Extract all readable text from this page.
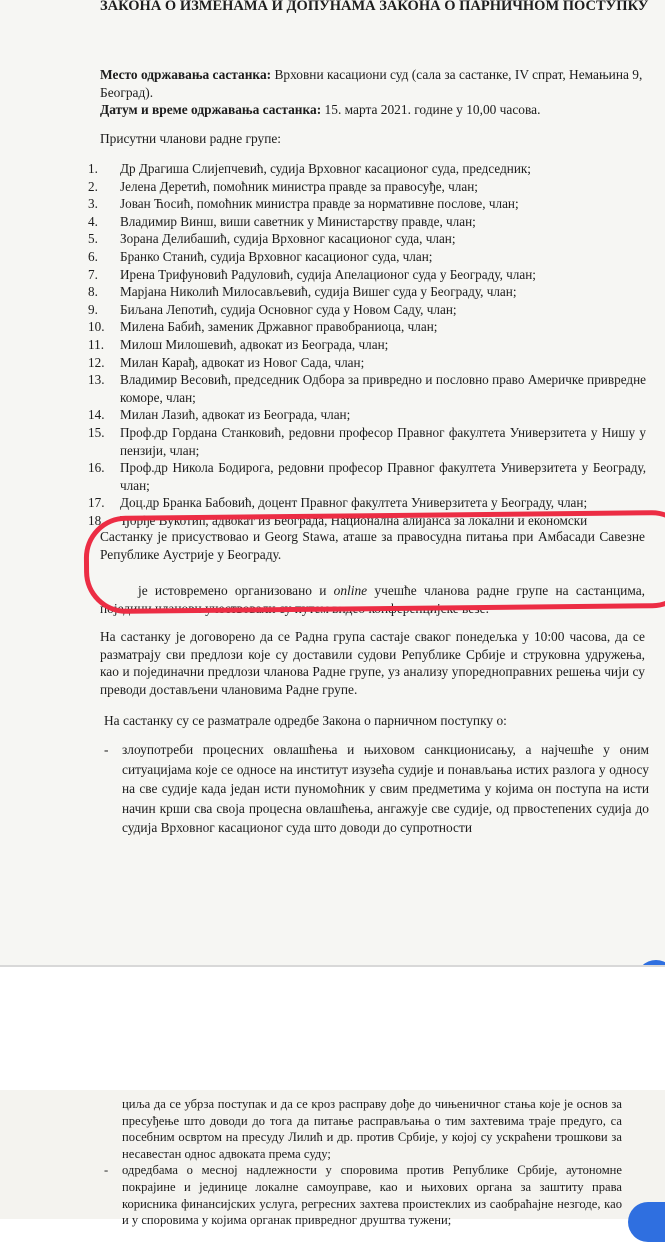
ЗАКОНА О ИЗМЕНАМА И ДОПУНАМА ЗАКОНА О ПАРНИЧНОМ ПОСТУПКУ
Место одржавања састанка: Врховни касациони суд (сала за састанке, IV спрат, Немањина 9, Београд).
Датум и време одржавања састанка: 15. марта 2021. године у 10,00 часова.
Присутни чланови радне групе:
1.	Др Драгиша Слијепчевић, судија Врховног касационог суда, председник;
2.	Јелена Деретић, помоћник министра правде за правосуђе, члан;
3.	Јован Ћосић, помоћник министра правде за нормативне послове, члан;
4.	Владимир Винш, виши саветник у Министарству правде, члан;
5.	Зорана Делибашић, судија Врховног касационог суда, члан;
6.	Бранко Станић, судија Врховног касационог суда, члан;
7.	Ирена Трифуновић Радуловић, судија Апелационог суда у Београду, члан;
8.	Марјана Николић Милосављевић, судија Вишег суда у Београду, члан;
9.	Биљана Лепотић, судија Основног суда у Новом Саду, члан;
10.	Милена Бабић, заменик Државног правобраниоца, члан;
11.	Милош Милошевић, адвокат из Београда, члан;
12.	Милан Карађ, адвокат из Новог Сада, члан;
13.	Владимир Весовић, председник Одбора за привредно и пословно право Америчке привредне коморе, члан;
14.	Милан Лазић, адвокат из Београда, члан;
15.	Проф.др Гордана Станковић, редовни професор Правног факултета Универзитета у Нишу у пензији, члан;
16.	Проф.др Никола Бодирога, редовни професор Правног факултета Универзитета у Београду, члан;
17.	Доц.др Бранка Бабовић, доцент Правног факултета Универзитета у Београду, члан;
18.	Ђорђе Вукотић, адвокат из Београда, Национална алијанса за локални и економски
Састанку је присуствовао и Georg Stawa, аташе за правосудна питања при Амбасади Савезне Републике Аустрије у Београду.
је истовремено организовано и online учешће чланова радне групе на састанцима, поједини чланови учествовали су путем видео конференцијске везе.
На састанку је договорено да се Радна група састаје сваког понедељка у 10:00 часова, да се разматрају сви предлози које су доставили судови Републике Србије и струковна удружења, као и појединачни предлози чланова Радне групе, уз анализу упоредноправних решења чији су преводи достављени члановима Радне групе.
На састанку су се разматрале одредбе Закона о парничном поступку о:
- злоупотреби процесних овлашћења и њиховом санкционисању, а најчешће у оним ситуацијама које се односе на институт изузећа судије и понављања истих разлога у односу на све судије када један исти пуномоћник у свим предметима у којима он поступа на исти начин крши сва своја процесна овлашћења, ангажује све судије, од првостепених судија до судија Врховног касационог суда што доводи до супротности
циља да се убрза поступак и да се кроз расправу дође до чињеничног стања које је основ за пресуђење што доводи до тога да питање расправљања о тим захтевима траје предуго, са посебним освртом на пресуду Лилић и др. против Србије, у којој су ускраћени трошкови за несавестан однос адвоката према суду;
- одредбама о месној надлежности у споровима против Републике Србије, аутономне покрајине и јединице локалне самоуправе, као и њихових органа за заштиту права корисника финансијских услуга, регресних захтева проистеклих из саобраћајне незгоде, као и у споровима у којима органак привредног друштва тужени;
